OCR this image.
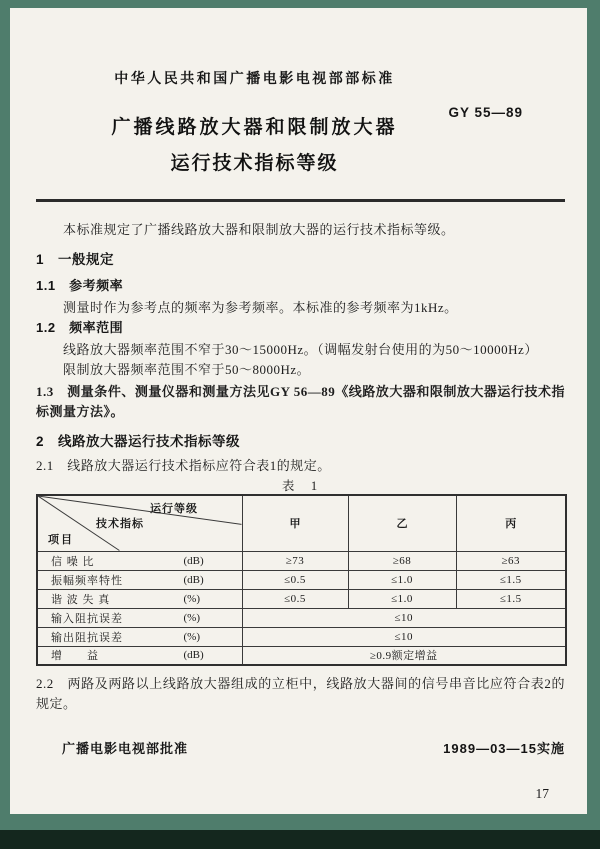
GY 55—89
中华人民共和国广播电影电视部部标准
广播线路放大器和限制放大器
运行技术指标等级

本标准规定了广播线路放大器和限制放大器的运行技术指标等级。

1　一般规定

1.1　参考频率

测量时作为参考点的频率为参考频率。本标准的参考频率为1kHz。

1.2　频率范围

线路放大器频率范围不窄于30～15000Hz。（调幅发射台使用的为50～10000Hz）

限制放大器频率范围不窄于50～8000Hz。

1.3　测量条件、测量仪器和测量方法见GY 56—89《线路放大器和限制放大器运行技术指标测量方法》。

2　线路放大器运行技术指标等级

2.1　线路放大器运行技术指标应符合表1的规定。

表　1
运行等级
技术指标
项目	甲	乙	丙

信 噪 比 (dB)	≥73	≥68	≥63

振幅频率特性 (dB)	≤0.5	≤1.0	≤1.5

谐 波 失 真 (%)	≤0.5	≤1.0	≤1.5

输入阻抗误差 (%)	≤10		

输出阻抗误差 (%)	≤10		

增　　益 (dB)	≥0.9额定增益		

2.2　两路及两路以上线路放大器组成的立柜中，线路放大器间的信号串音比应符合表2的规定。

广播电影电视部批准	1989—03—15实施
17
